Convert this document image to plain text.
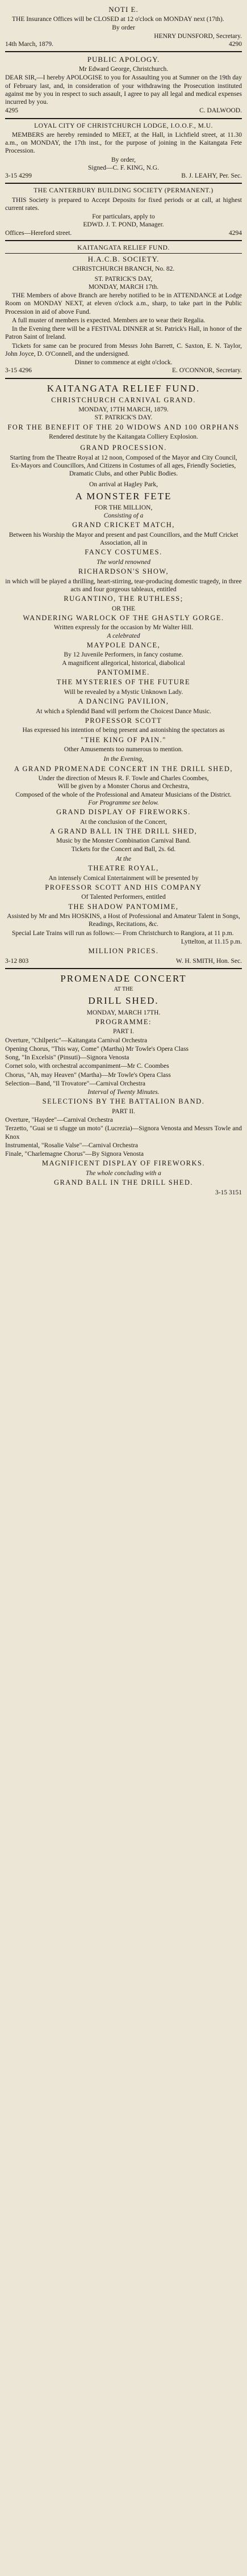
NOTI E.

THE Insurance Offices will be CLOSED at 12 o'clock on MONDAY next (17th).

By order
HENRY DUNSFORD, Secretary.
14th March, 1879.	4290
PUBLIC APOLOGY.
Mr Edward George, Christchurch.

DEAR SIR,—I hereby APOLOGISE to you for Assaulting you at Sumner on the 19th day of February last, and, in consideration of your withdrawing the Prosecution instituted against me by you in respect to such assault, I agree to pay all legal and medical expenses incurred by you.

4295	C. DALWOOD.
LOYAL CITY OF CHRISTCHURCH LODGE, I.O.O.F., M.U.

MEMBERS are hereby reminded to MEET, at the Hall, in Lichfield street, at 11.30 a.m., on MONDAY, the 17th inst., for the purpose of joining in the Kaitangata Fete Procession.

By order,
Signed—C. F. KING, N.G.
3-15 4299	B. J. LEAHY, Per. Sec.
THE CANTERBURY BUILDING SOCIETY (PERMANENT.)

THIS Society is prepared to Accept Deposits for fixed periods or at call, at highest current rates.

For particulars, apply to
EDWD. J. T. POND, Manager.
Offices—Hereford street.	4294
KAITANGATA RELIEF FUND.
H.A.C.B. SOCIETY.
CHRISTCHURCH BRANCH, No. 82.
ST. PATRICK'S DAY,
MONDAY, MARCH 17th.

THE Members of above Branch are hereby notified to be in ATTENDANCE at Lodge Room on MONDAY NEXT, at eleven o'clock a.m., sharp, to take part in the Public Procession in aid of above Fund.

A full muster of members is expected. Members are to wear their Regalia.

In the Evening there will be a FESTIVAL DINNER at St. Patrick's Hall, in honor of the Patron Saint of Ireland.

Tickets for same can be procured from Messrs John Barrett, C. Saxton, E. N. Taylor, John Joyce, D. O'Connell, and the undersigned.

Dinner to commence at eight o'clock.
3-15 4296	E. O'CONNOR, Secretary.
KAITANGATA RELIEF FUND.
CHRISTCHURCH CARNIVAL GRAND.
MONDAY, 17TH MARCH, 1879.
ST. PATRICK'S DAY.
FOR THE BENEFIT OF THE 20 WIDOWS AND 100 ORPHANS
Rendered destitute by the Kaitangata Colliery Explosion.
GRAND PROCESSION.

Starting from the Theatre Royal at 12 noon, Composed of the Mayor and City Council, Ex-Mayors and Councillors, And Citizens in Costumes of all ages, Friendly Societies, Dramatic Clubs, and other Public Bodies.

On arrival at Hagley Park,
A MONSTER FETE
FOR THE MILLION,
Consisting of a
GRAND CRICKET MATCH,

Between his Worship the Mayor and present and past Councillors, and the Muff Cricket Association, all in

FANCY COSTUMES.
The world renowned
RICHARDSON'S SHOW,

in which will be played a thrilling, heart-stirring, tear-producing domestic tragedy, in three acts and four gorgeous tableaux, entitled

RUGANTINO, THE RUTHLESS;
OR THE
WANDERING WARLOCK OF THE GHASTLY GORGE.
Written expressly for the occasion by Mr Walter Hill.
A celebrated
MAYPOLE DANCE,
By 12 Juvenile Performers, in fancy costume.
A magnificent allegorical, historical, diabolical
PANTOMIME.
THE MYSTERIES OF THE FUTURE
Will be revealed by a Mystic Unknown Lady.
A DANCING PAVILION,
At which a Splendid Band will perform the Choicest Dance Music.
PROFESSOR SCOTT
Has expressed his intention of being present and astonishing the spectators as
"THE KING OF PAIN."
Other Amusements too numerous to mention.
In the Evening,
A GRAND PROMENADE CONCERT IN THE DRILL SHED,
Under the direction of Messrs R. F. Towle and Charles Coombes,
Will be given by a Monster Chorus and Orchestra,
Composed of the whole of the Professional and Amateur Musicians of the District.
For Programme see below.
GRAND DISPLAY OF FIREWORKS.
At the conclusion of the Concert,
A GRAND BALL IN THE DRILL SHED,
Music by the Monster Combination Carnival Band.
Tickets for the Concert and Ball, 2s. 6d.
At the
THEATRE ROYAL,
An intensely Comical Entertainment will be presented by
PROFESSOR SCOTT AND HIS COMPANY
Of Talented Performers, entitled
THE SHADOW PANTOMIME,

Assisted by Mr and Mrs HOSKINS, a Host of Professional and Amateur Talent in Songs, Readings, Recitations, &c.

Special Late Trains will run as follows:— From Christchurch to Rangiora, at 11 p.m.

Lyttelton, at 11.15 p.m.
MILLION PRICES.
3-12 803	W. H. SMITH, Hon. Sec.
PROMENADE CONCERT
AT THE
DRILL SHED.
MONDAY, MARCH 17TH.
PROGRAMME:
PART I.

Overture, "Chilperic"—Kaitangata Carnival Orchestra

Opening Chorus, "This way, Come" (Martha) Mr Towle's Opera Class

Song, "In Excelsis" (Pinsuti)—Signora Venosta

Cornet solo, with orchestral accompaniment—Mr C. Coombes

Chorus, "Ah, may Heaven" (Martha)—Mr Towle's Opera Class

Selection—Band, "Il Trovatore"—Carnival Orchestra

Interval of Twenty Minutes.
SELECTIONS BY THE BATTALION BAND.
PART II.

Overture, "Haydee"—Carnival Orchestra

Terzetto, "Guai se ti sfugge un moto" (Lucrezia)—Signora Venosta and Messrs Towle and Knox

Instrumental, "Rosalie Valse"—Carnival Orchestra

Finale, "Charlemagne Chorus"—By Signora Venosta

MAGNIFICENT DISPLAY OF FIREWORKS.
The whole concluding with a
GRAND BALL IN THE DRILL SHED.
3-15 3151
